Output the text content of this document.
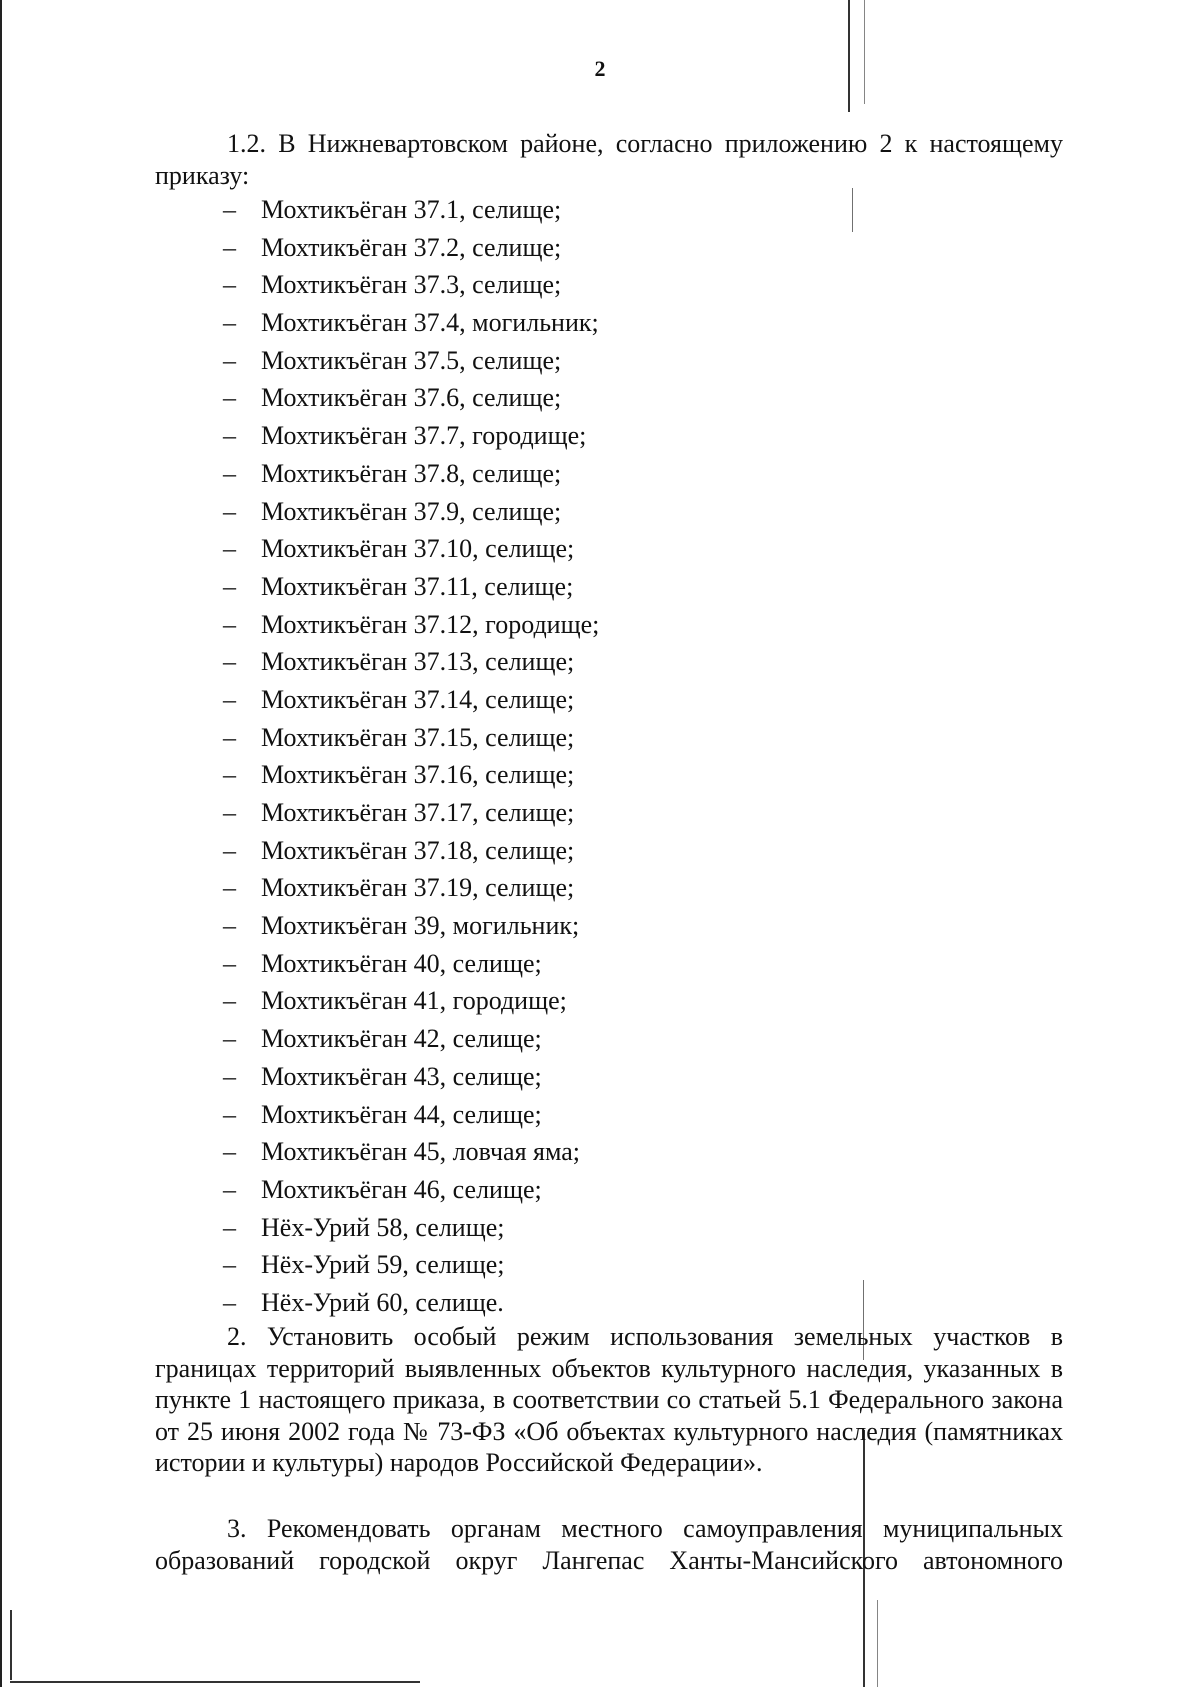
2

1.2. В Нижневартовском районе, согласно приложению 2 к настоящему приказу:

– Мохтикъёган 37.1, селище;
– Мохтикъёган 37.2, селище;
– Мохтикъёган 37.3, селище;
– Мохтикъёган 37.4, могильник;
– Мохтикъёган 37.5, селище;
– Мохтикъёган 37.6, селище;
– Мохтикъёган 37.7, городище;
– Мохтикъёган 37.8, селище;
– Мохтикъёган 37.9, селище;
– Мохтикъёган 37.10, селище;
– Мохтикъёган 37.11, селище;
– Мохтикъёган 37.12, городище;
– Мохтикъёган 37.13, селище;
– Мохтикъёган 37.14, селище;
– Мохтикъёган 37.15, селище;
– Мохтикъёган 37.16, селище;
– Мохтикъёган 37.17, селище;
– Мохтикъёган 37.18, селище;
– Мохтикъёган 37.19, селище;
– Мохтикъёган 39, могильник;
– Мохтикъёган 40, селище;
– Мохтикъёган 41, городище;
– Мохтикъёган 42, селище;
– Мохтикъёган 43, селище;
– Мохтикъёган 44, селище;
– Мохтикъёган 45, ловчая яма;
– Мохтикъёган 46, селище;
– Нёх-Урий 58, селище;
– Нёх-Урий 59, селище;
– Нёх-Урий 60, селище.

2. Установить особый режим использования земельных участков в границах территорий выявленных объектов культурного наследия, указанных в пункте 1 настоящего приказа, в соответствии со статьей 5.1 Федерального закона от 25 июня 2002 года № 73-ФЗ «Об объектах культурного наследия (памятниках истории и культуры) народов Российской Федерации».

3. Рекомендовать органам местного самоуправления муниципальных образований городской округ Лангепас Ханты-Мансийского автономного
